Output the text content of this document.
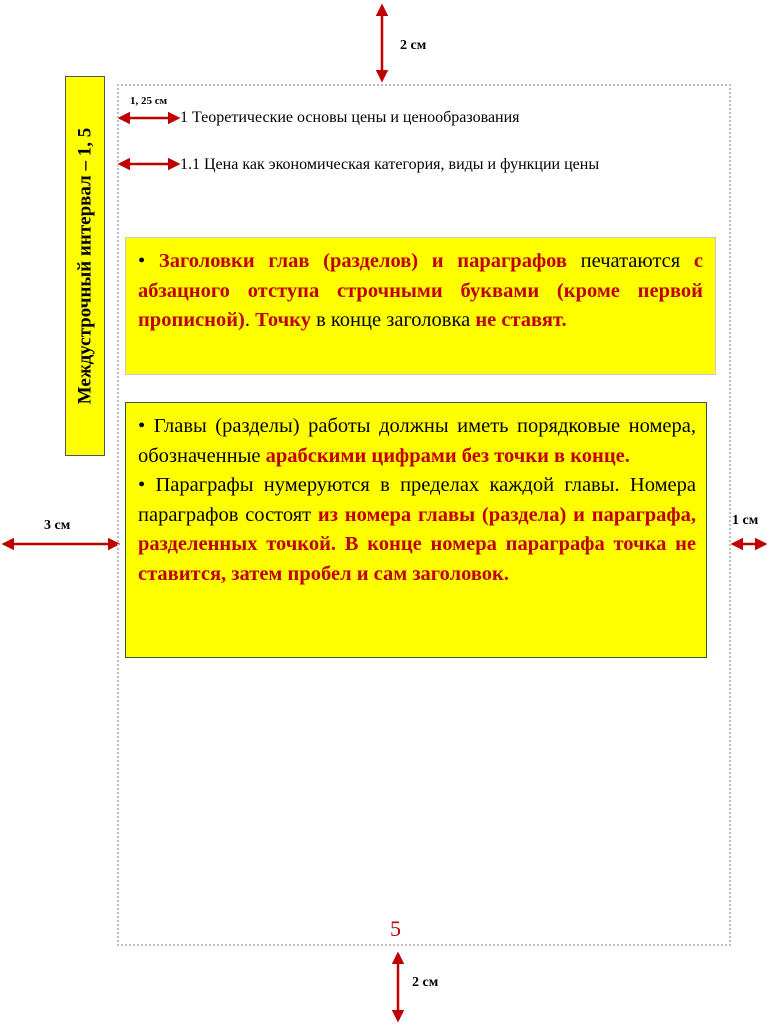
2 см
2 см
3 см	1 см
1, 25 см
Междустрочный интервал – 1, 5
1 Теоретические основы цены и ценообразования
1.1 Цена как экономическая категория, виды и функции цены

• Заголовки глав (разделов) и параграфов печатаются с абзацного отступа строчными буквами (кроме первой прописной). Точку в конце заголовка не ставят.

• Главы (разделы) работы должны иметь порядковые номера, обозначенные арабскими цифрами без точки в конце.

• Параграфы нумеруются в пределах каждой главы. Номера параграфов состоят из номера главы (раздела) и параграфа, разделенных точкой. В конце номера параграфа точка не ставится, затем пробел и сам заголовок.

5
